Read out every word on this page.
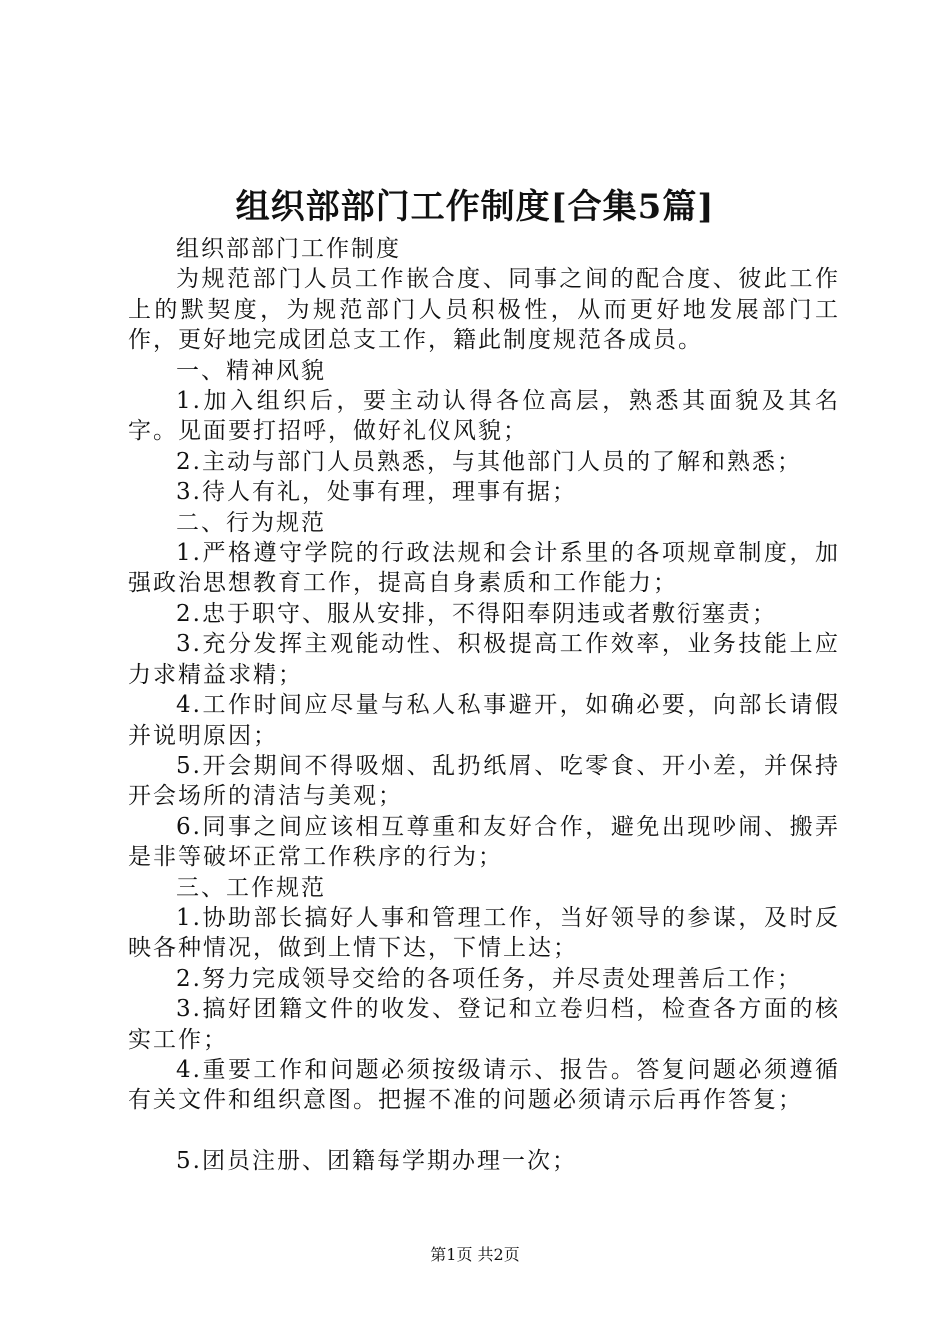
组织部部门工作制度[合集5篇]

组织部部门工作制度

为规范部门人员工作嵌合度、同事之间的配合度、彼此工作上的默契度，为规范部门人员积极性，从而更好地发展部门工作，更好地完成团总支工作，籍此制度规范各成员。

一、精神风貌

1.加入组织后，要主动认得各位高层，熟悉其面貌及其名字。见面要打招呼，做好礼仪风貌；

2.主动与部门人员熟悉，与其他部门人员的了解和熟悉；

3.待人有礼，处事有理，理事有据；

二、行为规范

1.严格遵守学院的行政法规和会计系里的各项规章制度，加强政治思想教育工作，提高自身素质和工作能力；

2.忠于职守、服从安排，不得阳奉阴违或者敷衍塞责；

3.充分发挥主观能动性、积极提高工作效率，业务技能上应力求精益求精；

4.工作时间应尽量与私人私事避开，如确必要，向部长请假并说明原因；

5.开会期间不得吸烟、乱扔纸屑、吃零食、开小差，并保持开会场所的清洁与美观；

6.同事之间应该相互尊重和友好合作，避免出现吵闹、搬弄是非等破坏正常工作秩序的行为；

三、工作规范

1.协助部长搞好人事和管理工作，当好领导的参谋，及时反映各种情况，做到上情下达，下情上达；

2.努力完成领导交给的各项任务，并尽责处理善后工作；

3.搞好团籍文件的收发、登记和立卷归档，检查各方面的核实工作；

4.重要工作和问题必须按级请示、报告。答复问题必须遵循有关文件和组织意图。把握不准的问题必须请示后再作答复；

5.团员注册、团籍每学期办理一次；

第1页 共2页
